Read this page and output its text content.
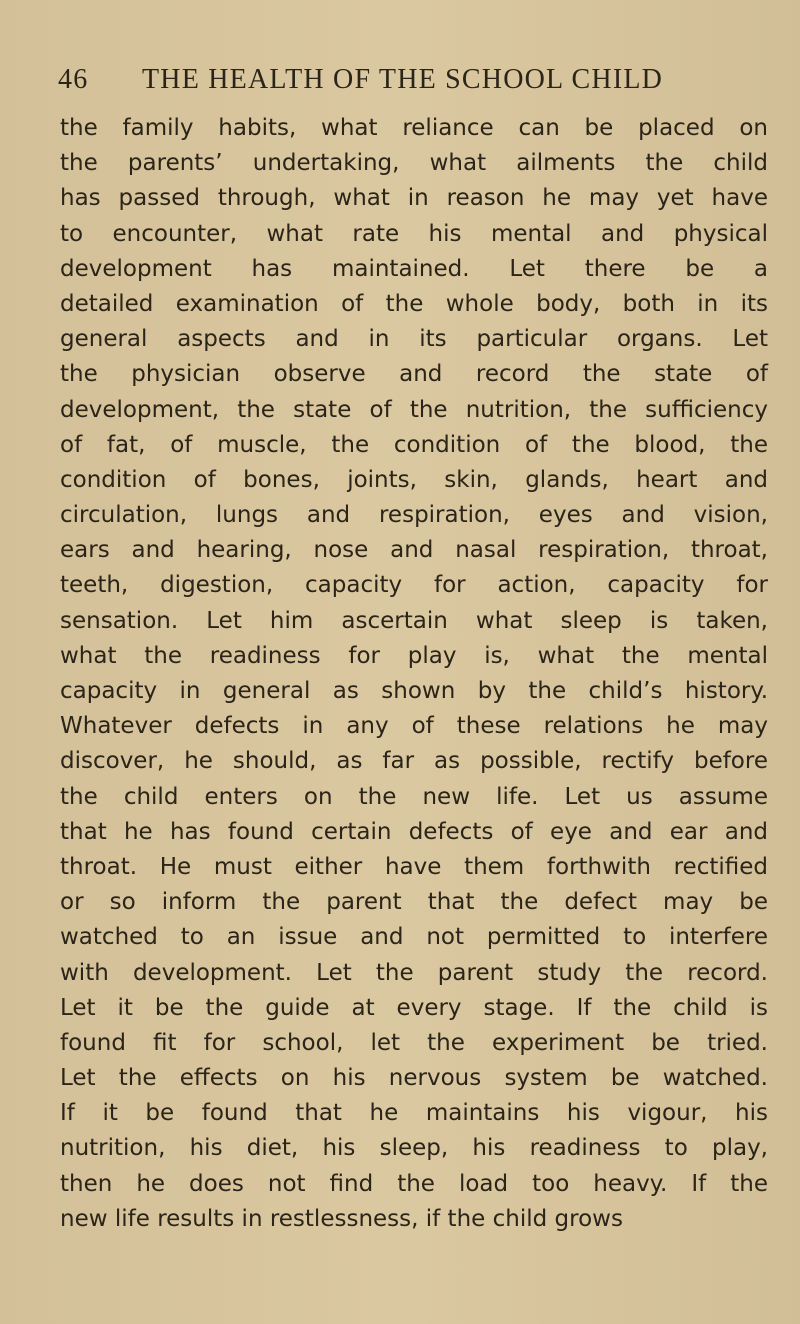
46 THE HEALTH OF THE SCHOOL CHILD
the family habits, what reliance can be placed on
the parents’ undertaking, what ailments the child
has passed through, what in reason he may yet have
to encounter, what rate his mental and physical
development has maintained. Let there be a
detailed examination of the whole body, both in its
general aspects and in its particular organs. Let
the physician observe and record the state of
development, the state of the nutrition, the sufficiency
of fat, of muscle, the condition of the blood, the
condition of bones, joints, skin, glands, heart and
circulation, lungs and respiration, eyes and vision,
ears and hearing, nose and nasal respiration, throat,
teeth, digestion, capacity for action, capacity for
sensation. Let him ascertain what sleep is taken,
what the readiness for play is, what the mental
capacity in general as shown by the child’s history.
Whatever defects in any of these relations he may
discover, he should, as far as possible, rectify before
the child enters on the new life. Let us assume
that he has found certain defects of eye and ear and
throat. He must either have them forthwith rectified
or so inform the parent that the defect may be
watched to an issue and not permitted to interfere
with development. Let the parent study the record.
Let it be the guide at every stage. If the child is
found fit for school, let the experiment be tried.
Let the effects on his nervous system be watched.
If it be found that he maintains his vigour, his
nutrition, his diet, his sleep, his readiness to play,
then he does not find the load too heavy. If the
new life results in restlessness, if the child grows
